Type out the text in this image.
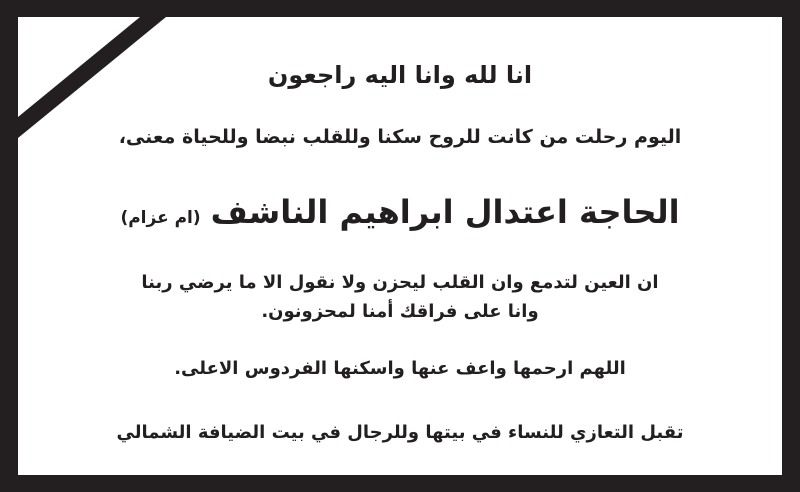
انا لله وانا اليه راجعون
اليوم رحلت من كانت للروح سكنا وللقلب نبضا وللحياة معنى،
الحاجة اعتدال ابراهيم الناشف(ام عزام)
ان العين لتدمع وان القلب ليحزن ولا نقول الا ما يرضي ربنا
وانا على فراقك أمنا لمحزونون.
اللهم ارحمها واعف عنها واسكنها الفردوس الاعلى.
تقبل التعازي للنساء في بيتها وللرجال في بيت الضيافة الشمالي
